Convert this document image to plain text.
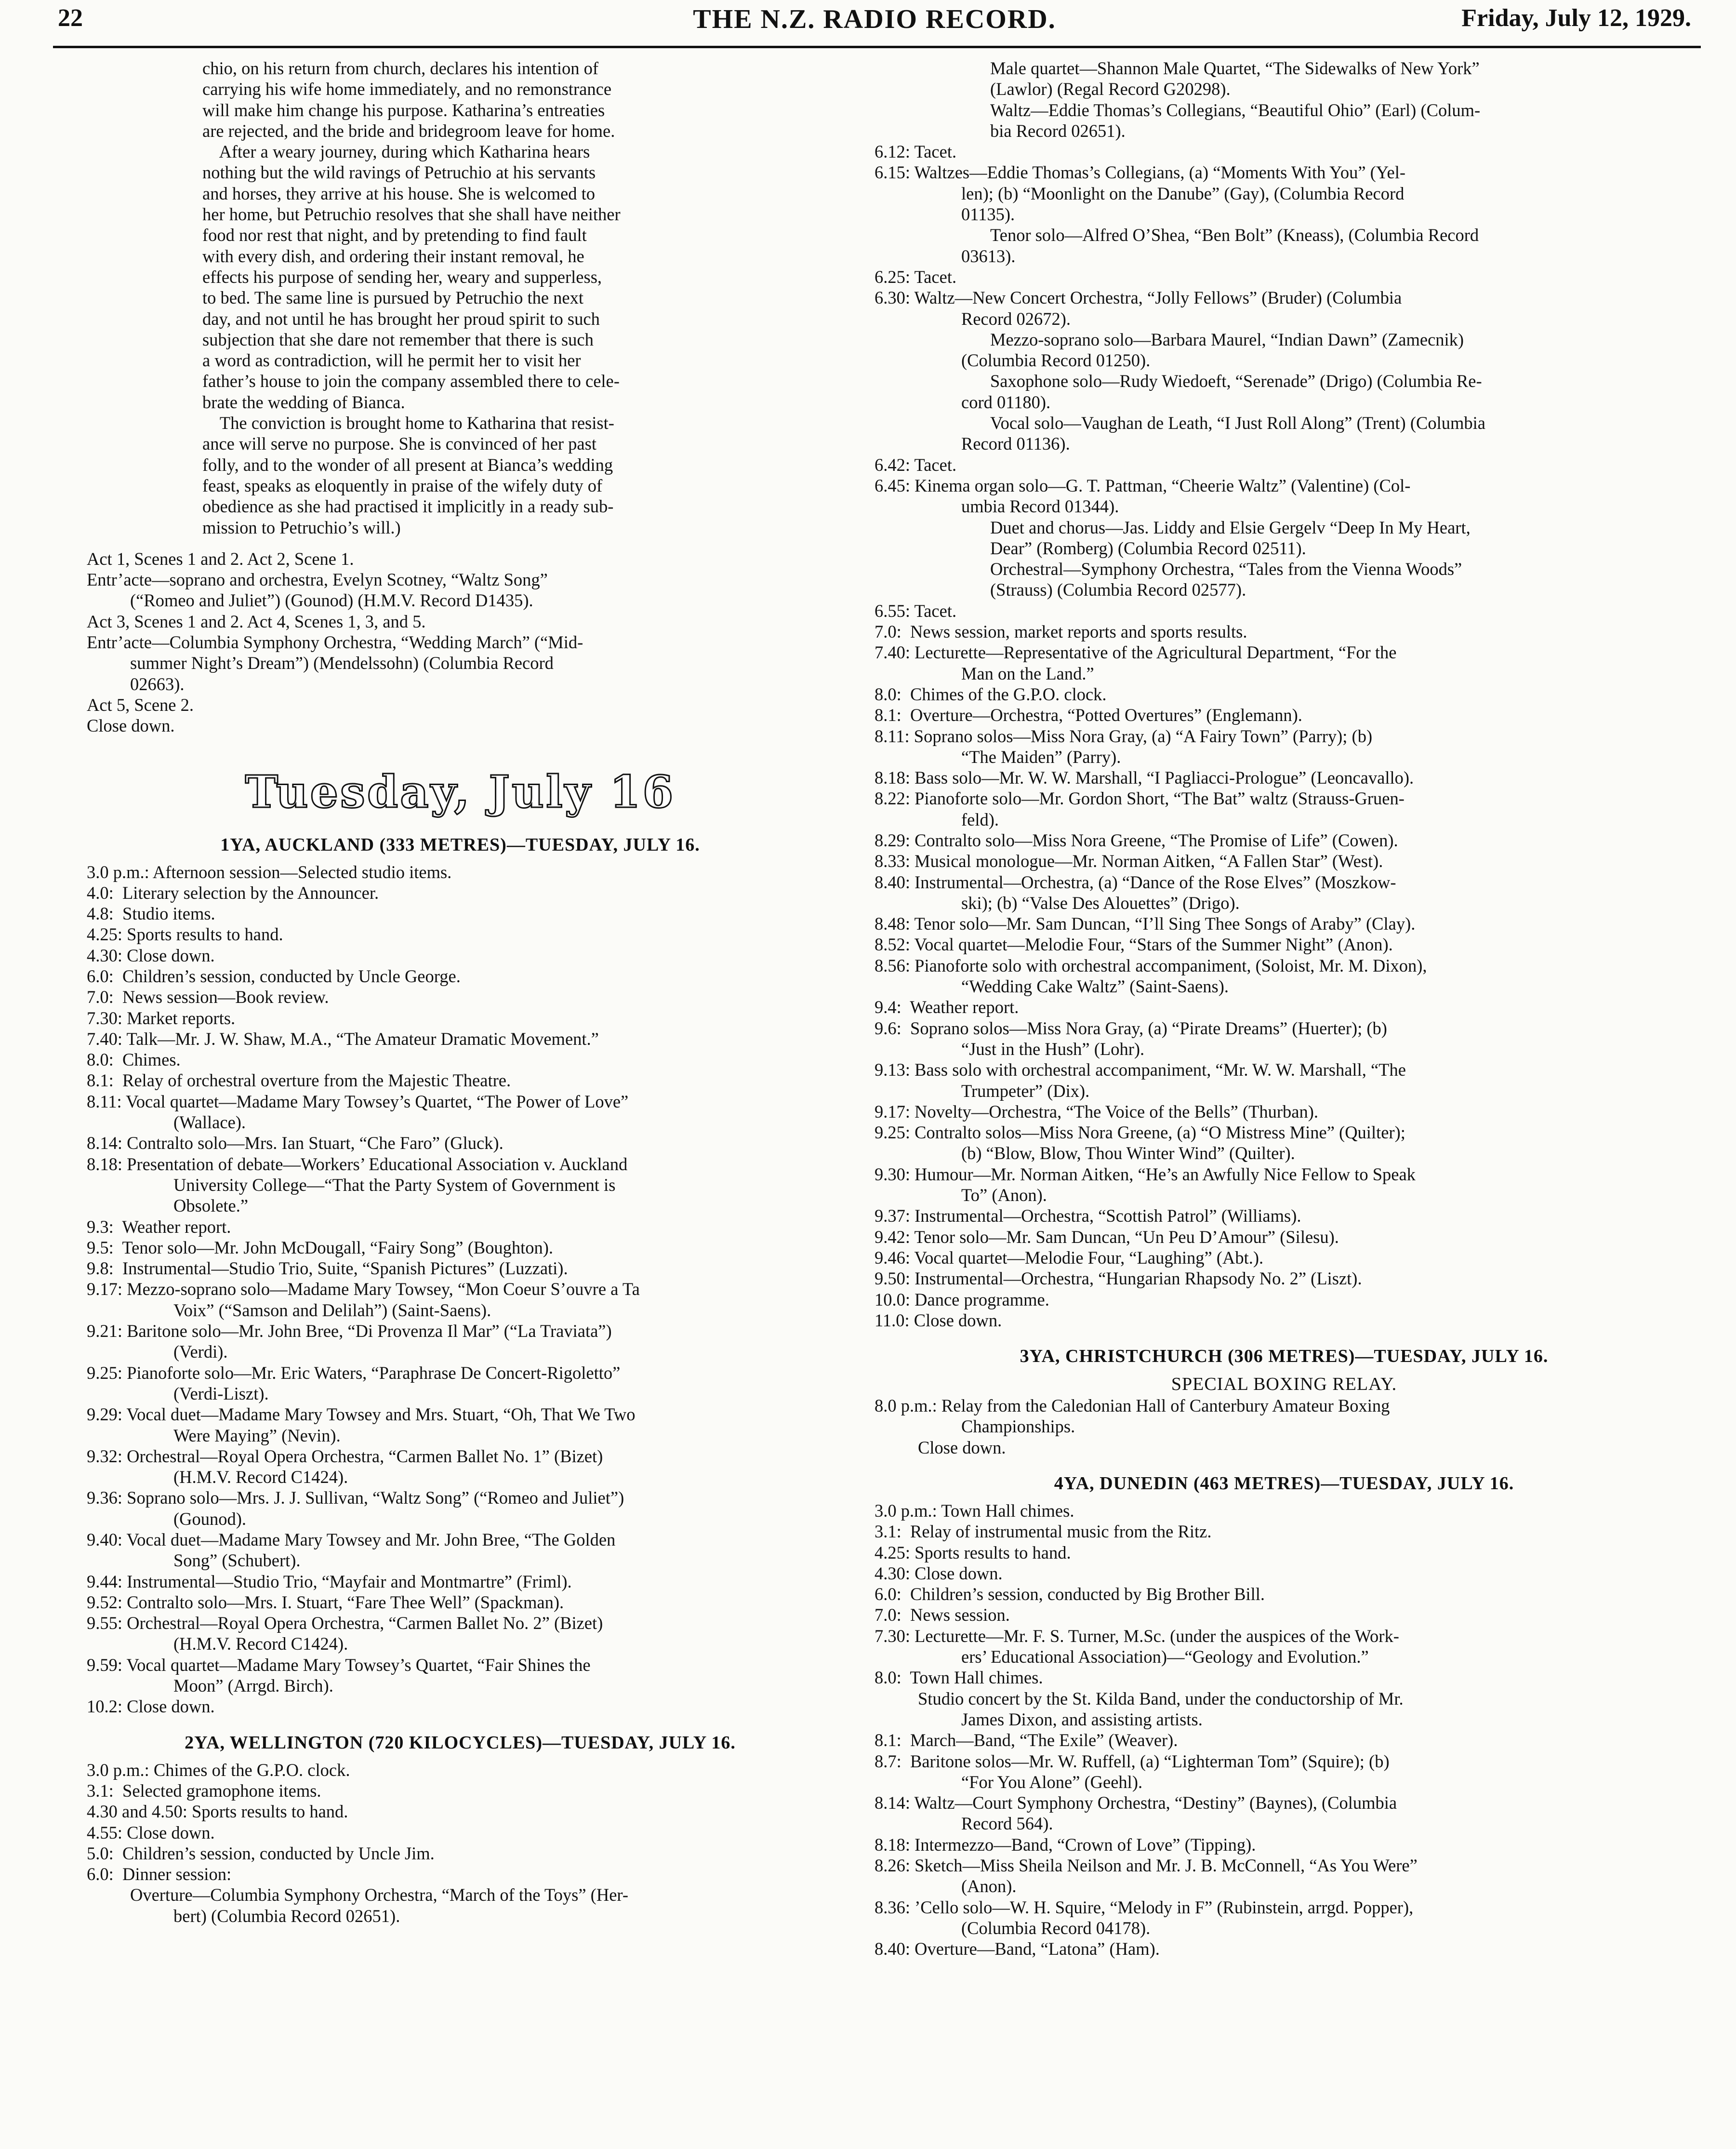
22	THE N.Z. RADIO RECORD.	Friday, July 12, 1929.
chio, on his return from church, declares his intention of
carrying his wife home immediately, and no remonstrance
will make him change his purpose. Katharina’s entreaties
are rejected, and the bride and bridegroom leave for home.
After a weary journey, during which Katharina hears
nothing but the wild ravings of Petruchio at his servants
and horses, they arrive at his house. She is welcomed to
her home, but Petruchio resolves that she shall have neither
food nor rest that night, and by pretending to find fault
with every dish, and ordering their instant removal, he
effects his purpose of sending her, weary and supperless,
to bed. The same line is pursued by Petruchio the next
day, and not until he has brought her proud spirit to such
subjection that she dare not remember that there is such
a word as contradiction, will he permit her to visit her
father’s house to join the company assembled there to cele-
brate the wedding of Bianca.
The conviction is brought home to Katharina that resist-
ance will serve no purpose. She is convinced of her past
folly, and to the wonder of all present at Bianca’s wedding
feast, speaks as eloquently in praise of the wifely duty of
obedience as she had practised it implicitly in a ready sub-
mission to Petruchio’s will.)
Act 1, Scenes 1 and 2. Act 2, Scene 1.
Entr’acte—soprano and orchestra, Evelyn Scotney, “Waltz Song”
(“Romeo and Juliet”) (Gounod) (H.M.V. Record D1435).
Act 3, Scenes 1 and 2. Act 4, Scenes 1, 3, and 5.
Entr’acte—Columbia Symphony Orchestra, “Wedding March” (“Mid-
summer Night’s Dream”) (Mendelssohn) (Columbia Record
02663).
Act 5, Scene 2.
Close down.
Tuesday, July 16
1YA, AUCKLAND (333 METRES)—TUESDAY, JULY 16.
3.0 p.m.: Afternoon session—Selected studio items.
4.0:  Literary selection by the Announcer.
4.8:  Studio items.
4.25: Sports results to hand.
4.30: Close down.
6.0:  Children’s session, conducted by Uncle George.
7.0:  News session—Book review.
7.30: Market reports.
7.40: Talk—Mr. J. W. Shaw, M.A., “The Amateur Dramatic Movement.”
8.0:  Chimes.
8.1:  Relay of orchestral overture from the Majestic Theatre.
8.11: Vocal quartet—Madame Mary Towsey’s Quartet, “The Power of Love”
(Wallace).
8.14: Contralto solo—Mrs. Ian Stuart, “Che Faro” (Gluck).
8.18: Presentation of debate—Workers’ Educational Association v. Auckland
University College—“That the Party System of Government is
Obsolete.”
9.3:  Weather report.
9.5:  Tenor solo—Mr. John McDougall, “Fairy Song” (Boughton).
9.8:  Instrumental—Studio Trio, Suite, “Spanish Pictures” (Luzzati).
9.17: Mezzo-soprano solo—Madame Mary Towsey, “Mon Coeur S’ouvre a Ta
Voix” (“Samson and Delilah”) (Saint-Saens).
9.21: Baritone solo—Mr. John Bree, “Di Provenza Il Mar” (“La Traviata”)
(Verdi).
9.25: Pianoforte solo—Mr. Eric Waters, “Paraphrase De Concert-Rigoletto”
(Verdi-Liszt).
9.29: Vocal duet—Madame Mary Towsey and Mrs. Stuart, “Oh, That We Two
Were Maying” (Nevin).
9.32: Orchestral—Royal Opera Orchestra, “Carmen Ballet No. 1” (Bizet)
(H.M.V. Record C1424).
9.36: Soprano solo—Mrs. J. J. Sullivan, “Waltz Song” (“Romeo and Juliet”)
(Gounod).
9.40: Vocal duet—Madame Mary Towsey and Mr. John Bree, “The Golden
Song” (Schubert).
9.44: Instrumental—Studio Trio, “Mayfair and Montmartre” (Friml).
9.52: Contralto solo—Mrs. I. Stuart, “Fare Thee Well” (Spackman).
9.55: Orchestral—Royal Opera Orchestra, “Carmen Ballet No. 2” (Bizet)
(H.M.V. Record C1424).
9.59: Vocal quartet—Madame Mary Towsey’s Quartet, “Fair Shines the
Moon” (Arrgd. Birch).
10.2: Close down.
2YA, WELLINGTON (720 KILOCYCLES)—TUESDAY, JULY 16.
3.0 p.m.: Chimes of the G.P.O. clock.
3.1:  Selected gramophone items.
4.30 and 4.50: Sports results to hand.
4.55: Close down.
5.0:  Children’s session, conducted by Uncle Jim.
6.0:  Dinner session:
Overture—Columbia Symphony Orchestra, “March of the Toys” (Her-
bert) (Columbia Record 02651).
Male quartet—Shannon Male Quartet, “The Sidewalks of New York”
(Lawlor) (Regal Record G20298).
Waltz—Eddie Thomas’s Collegians, “Beautiful Ohio” (Earl) (Colum-
bia Record 02651).
6.12: Tacet.
6.15: Waltzes—Eddie Thomas’s Collegians, (a) “Moments With You” (Yel-
len); (b) “Moonlight on the Danube” (Gay), (Columbia Record
01135).
Tenor solo—Alfred O’Shea, “Ben Bolt” (Kneass), (Columbia Record
03613).
6.25: Tacet.
6.30: Waltz—New Concert Orchestra, “Jolly Fellows” (Bruder) (Columbia
Record 02672).
Mezzo-soprano solo—Barbara Maurel, “Indian Dawn” (Zamecnik)
(Columbia Record 01250).
Saxophone solo—Rudy Wiedoeft, “Serenade” (Drigo) (Columbia Re-
cord 01180).
Vocal solo—Vaughan de Leath, “I Just Roll Along” (Trent) (Columbia
Record 01136).
6.42: Tacet.
6.45: Kinema organ solo—G. T. Pattman, “Cheerie Waltz” (Valentine) (Col-
umbia Record 01344).
Duet and chorus—Jas. Liddy and Elsie Gergelv “Deep In My Heart,
Dear” (Romberg) (Columbia Record 02511).
Orchestral—Symphony Orchestra, “Tales from the Vienna Woods”
(Strauss) (Columbia Record 02577).
6.55: Tacet.
7.0:  News session, market reports and sports results.
7.40: Lecturette—Representative of the Agricultural Department, “For the
Man on the Land.”
8.0:  Chimes of the G.P.O. clock.
8.1:  Overture—Orchestra, “Potted Overtures” (Englemann).
8.11: Soprano solos—Miss Nora Gray, (a) “A Fairy Town” (Parry); (b)
“The Maiden” (Parry).
8.18: Bass solo—Mr. W. W. Marshall, “I Pagliacci-Prologue” (Leoncavallo).
8.22: Pianoforte solo—Mr. Gordon Short, “The Bat” waltz (Strauss-Gruen-
feld).
8.29: Contralto solo—Miss Nora Greene, “The Promise of Life” (Cowen).
8.33: Musical monologue—Mr. Norman Aitken, “A Fallen Star” (West).
8.40: Instrumental—Orchestra, (a) “Dance of the Rose Elves” (Moszkow-
ski); (b) “Valse Des Alouettes” (Drigo).
8.48: Tenor solo—Mr. Sam Duncan, “I’ll Sing Thee Songs of Araby” (Clay).
8.52: Vocal quartet—Melodie Four, “Stars of the Summer Night” (Anon).
8.56: Pianoforte solo with orchestral accompaniment, (Soloist, Mr. M. Dixon),
“Wedding Cake Waltz” (Saint-Saens).
9.4:  Weather report.
9.6:  Soprano solos—Miss Nora Gray, (a) “Pirate Dreams” (Huerter); (b)
“Just in the Hush” (Lohr).
9.13: Bass solo with orchestral accompaniment, “Mr. W. W. Marshall, “The
Trumpeter” (Dix).
9.17: Novelty—Orchestra, “The Voice of the Bells” (Thurban).
9.25: Contralto solos—Miss Nora Greene, (a) “O Mistress Mine” (Quilter);
(b) “Blow, Blow, Thou Winter Wind” (Quilter).
9.30: Humour—Mr. Norman Aitken, “He’s an Awfully Nice Fellow to Speak
To” (Anon).
9.37: Instrumental—Orchestra, “Scottish Patrol” (Williams).
9.42: Tenor solo—Mr. Sam Duncan, “Un Peu D’Amour” (Silesu).
9.46: Vocal quartet—Melodie Four, “Laughing” (Abt.).
9.50: Instrumental—Orchestra, “Hungarian Rhapsody No. 2” (Liszt).
10.0: Dance programme.
11.0: Close down.
3YA, CHRISTCHURCH (306 METRES)—TUESDAY, JULY 16.
SPECIAL BOXING RELAY.
8.0 p.m.: Relay from the Caledonian Hall of Canterbury Amateur Boxing
Championships.
Close down.
4YA, DUNEDIN (463 METRES)—TUESDAY, JULY 16.
3.0 p.m.: Town Hall chimes.
3.1:  Relay of instrumental music from the Ritz.
4.25: Sports results to hand.
4.30: Close down.
6.0:  Children’s session, conducted by Big Brother Bill.
7.0:  News session.
7.30: Lecturette—Mr. F. S. Turner, M.Sc. (under the auspices of the Work-
ers’ Educational Association)—“Geology and Evolution.”
8.0:  Town Hall chimes.
Studio concert by the St. Kilda Band, under the conductorship of Mr.
James Dixon, and assisting artists.
8.1:  March—Band, “The Exile” (Weaver).
8.7:  Baritone solos—Mr. W. Ruffell, (a) “Lighterman Tom” (Squire); (b)
“For You Alone” (Geehl).
8.14: Waltz—Court Symphony Orchestra, “Destiny” (Baynes), (Columbia
Record 564).
8.18: Intermezzo—Band, “Crown of Love” (Tipping).
8.26: Sketch—Miss Sheila Neilson and Mr. J. B. McConnell, “As You Were”
(Anon).
8.36: ’Cello solo—W. H. Squire, “Melody in F” (Rubinstein, arrgd. Popper),
(Columbia Record 04178).
8.40: Overture—Band, “Latona” (Ham).
